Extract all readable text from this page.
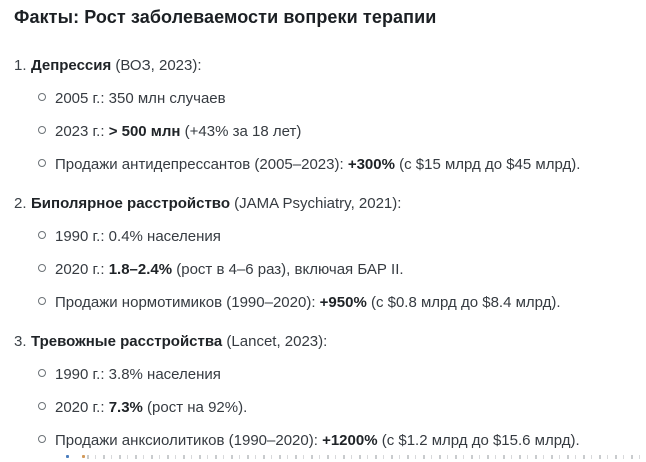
Факты: Рост заболеваемости вопреки терапии
1. Депрессия (ВОЗ, 2023):
2005 г.: 350 млн случаев
2023 г.: > 500 млн (+43% за 18 лет)
Продажи антидепрессантов (2005–2023): +300% (с $15 млрд до $45 млрд).
2. Биполярное расстройство (JAMA Psychiatry, 2021):
1990 г.: 0.4% населения
2020 г.: 1.8–2.4% (рост в 4–6 раз), включая БАР II.
Продажи нормотимиков (1990–2020): +950% (с $0.8 млрд до $8.4 млрд).
3. Тревожные расстройства (Lancet, 2023):
1990 г.: 3.8% населения
2020 г.: 7.3% (рост на 92%).
Продажи анксиолитиков (1990–2020): +1200% (с $1.2 млрд до $15.6 млрд).
